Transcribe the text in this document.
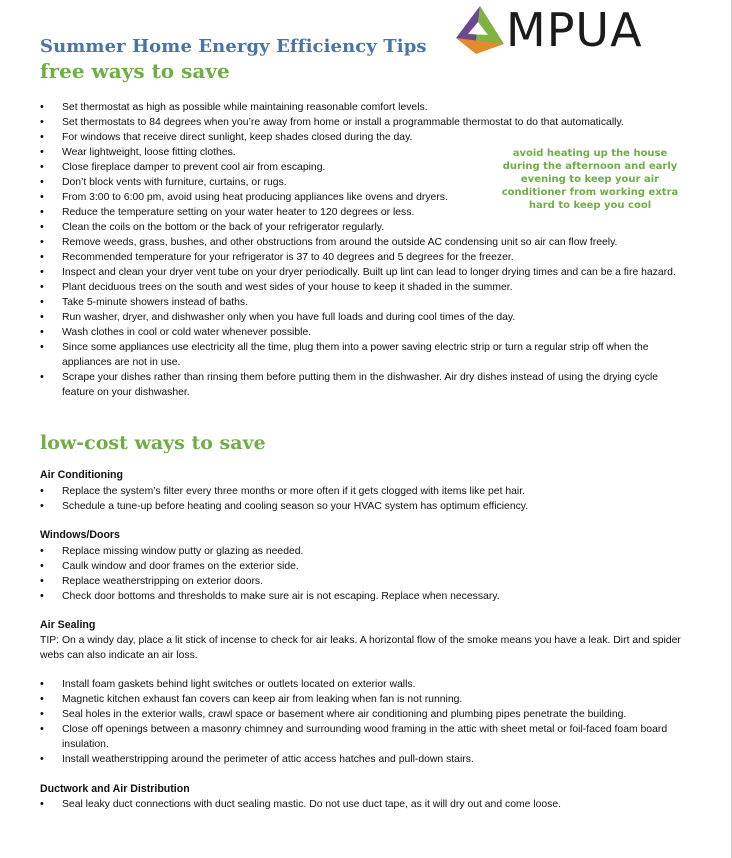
Summer Home Energy Efficiency Tips
free ways to save
MPUA
avoid heating up the house during the afternoon and early evening to keep your air conditioner from working extra hard to keep you cool
• Set thermostat as high as possible while maintaining reasonable comfort levels.
• Set thermostats to 84 degrees when you’re away from home or install a programmable thermostat to do that automatically.
• For windows that receive direct sunlight, keep shades closed during the day.
• Wear lightweight, loose fitting clothes.
• Close fireplace damper to prevent cool air from escaping.
• Don’t block vents with furniture, curtains, or rugs.
• From 3:00 to 6:00 pm, avoid using heat producing appliances like ovens and dryers.
• Reduce the temperature setting on your water heater to 120 degrees or less.
• Clean the coils on the bottom or the back of your refrigerator regularly.
• Remove weeds, grass, bushes, and other obstructions from around the outside AC condensing unit so air can flow freely.
• Recommended temperature for your refrigerator is 37 to 40 degrees and 5 degrees for the freezer.
• Inspect and clean your dryer vent tube on your dryer periodically. Built up lint can lead to longer drying times and can be a fire hazard.
• Plant deciduous trees on the south and west sides of your house to keep it shaded in the summer.
• Take 5-minute showers instead of baths.
• Run washer, dryer, and dishwasher only when you have full loads and during cool times of the day.
• Wash clothes in cool or cold water whenever possible.
• Since some appliances use electricity all the time, plug them into a power saving electric strip or turn a regular strip off when the appliances are not in use.
• Scrape your dishes rather than rinsing them before putting them in the dishwasher. Air dry dishes instead of using the drying cycle feature on your dishwasher.
low-cost ways to save
Air Conditioning
• Replace the system’s filter every three months or more often if it gets clogged with items like pet hair.
• Schedule a tune-up before heating and cooling season so your HVAC system has optimum efficiency.
Windows/Doors
• Replace missing window putty or glazing as needed.
• Caulk window and door frames on the exterior side.
• Replace weatherstripping on exterior doors.
• Check door bottoms and thresholds to make sure air is not escaping. Replace when necessary.
Air Sealing
TIP: On a windy day, place a lit stick of incense to check for air leaks. A horizontal flow of the smoke means you have a leak. Dirt and spider webs can also indicate an air loss.
• Install foam gaskets behind light switches or outlets located on exterior walls.
• Magnetic kitchen exhaust fan covers can keep air from leaking when fan is not running.
• Seal holes in the exterior walls, crawl space or basement where air conditioning and plumbing pipes penetrate the building.
• Close off openings between a masonry chimney and surrounding wood framing in the attic with sheet metal or foil-faced foam board insulation.
• Install weatherstripping around the perimeter of attic access hatches and pull-down stairs.
Ductwork and Air Distribution
• Seal leaky duct connections with duct sealing mastic. Do not use duct tape, as it will dry out and come loose.
